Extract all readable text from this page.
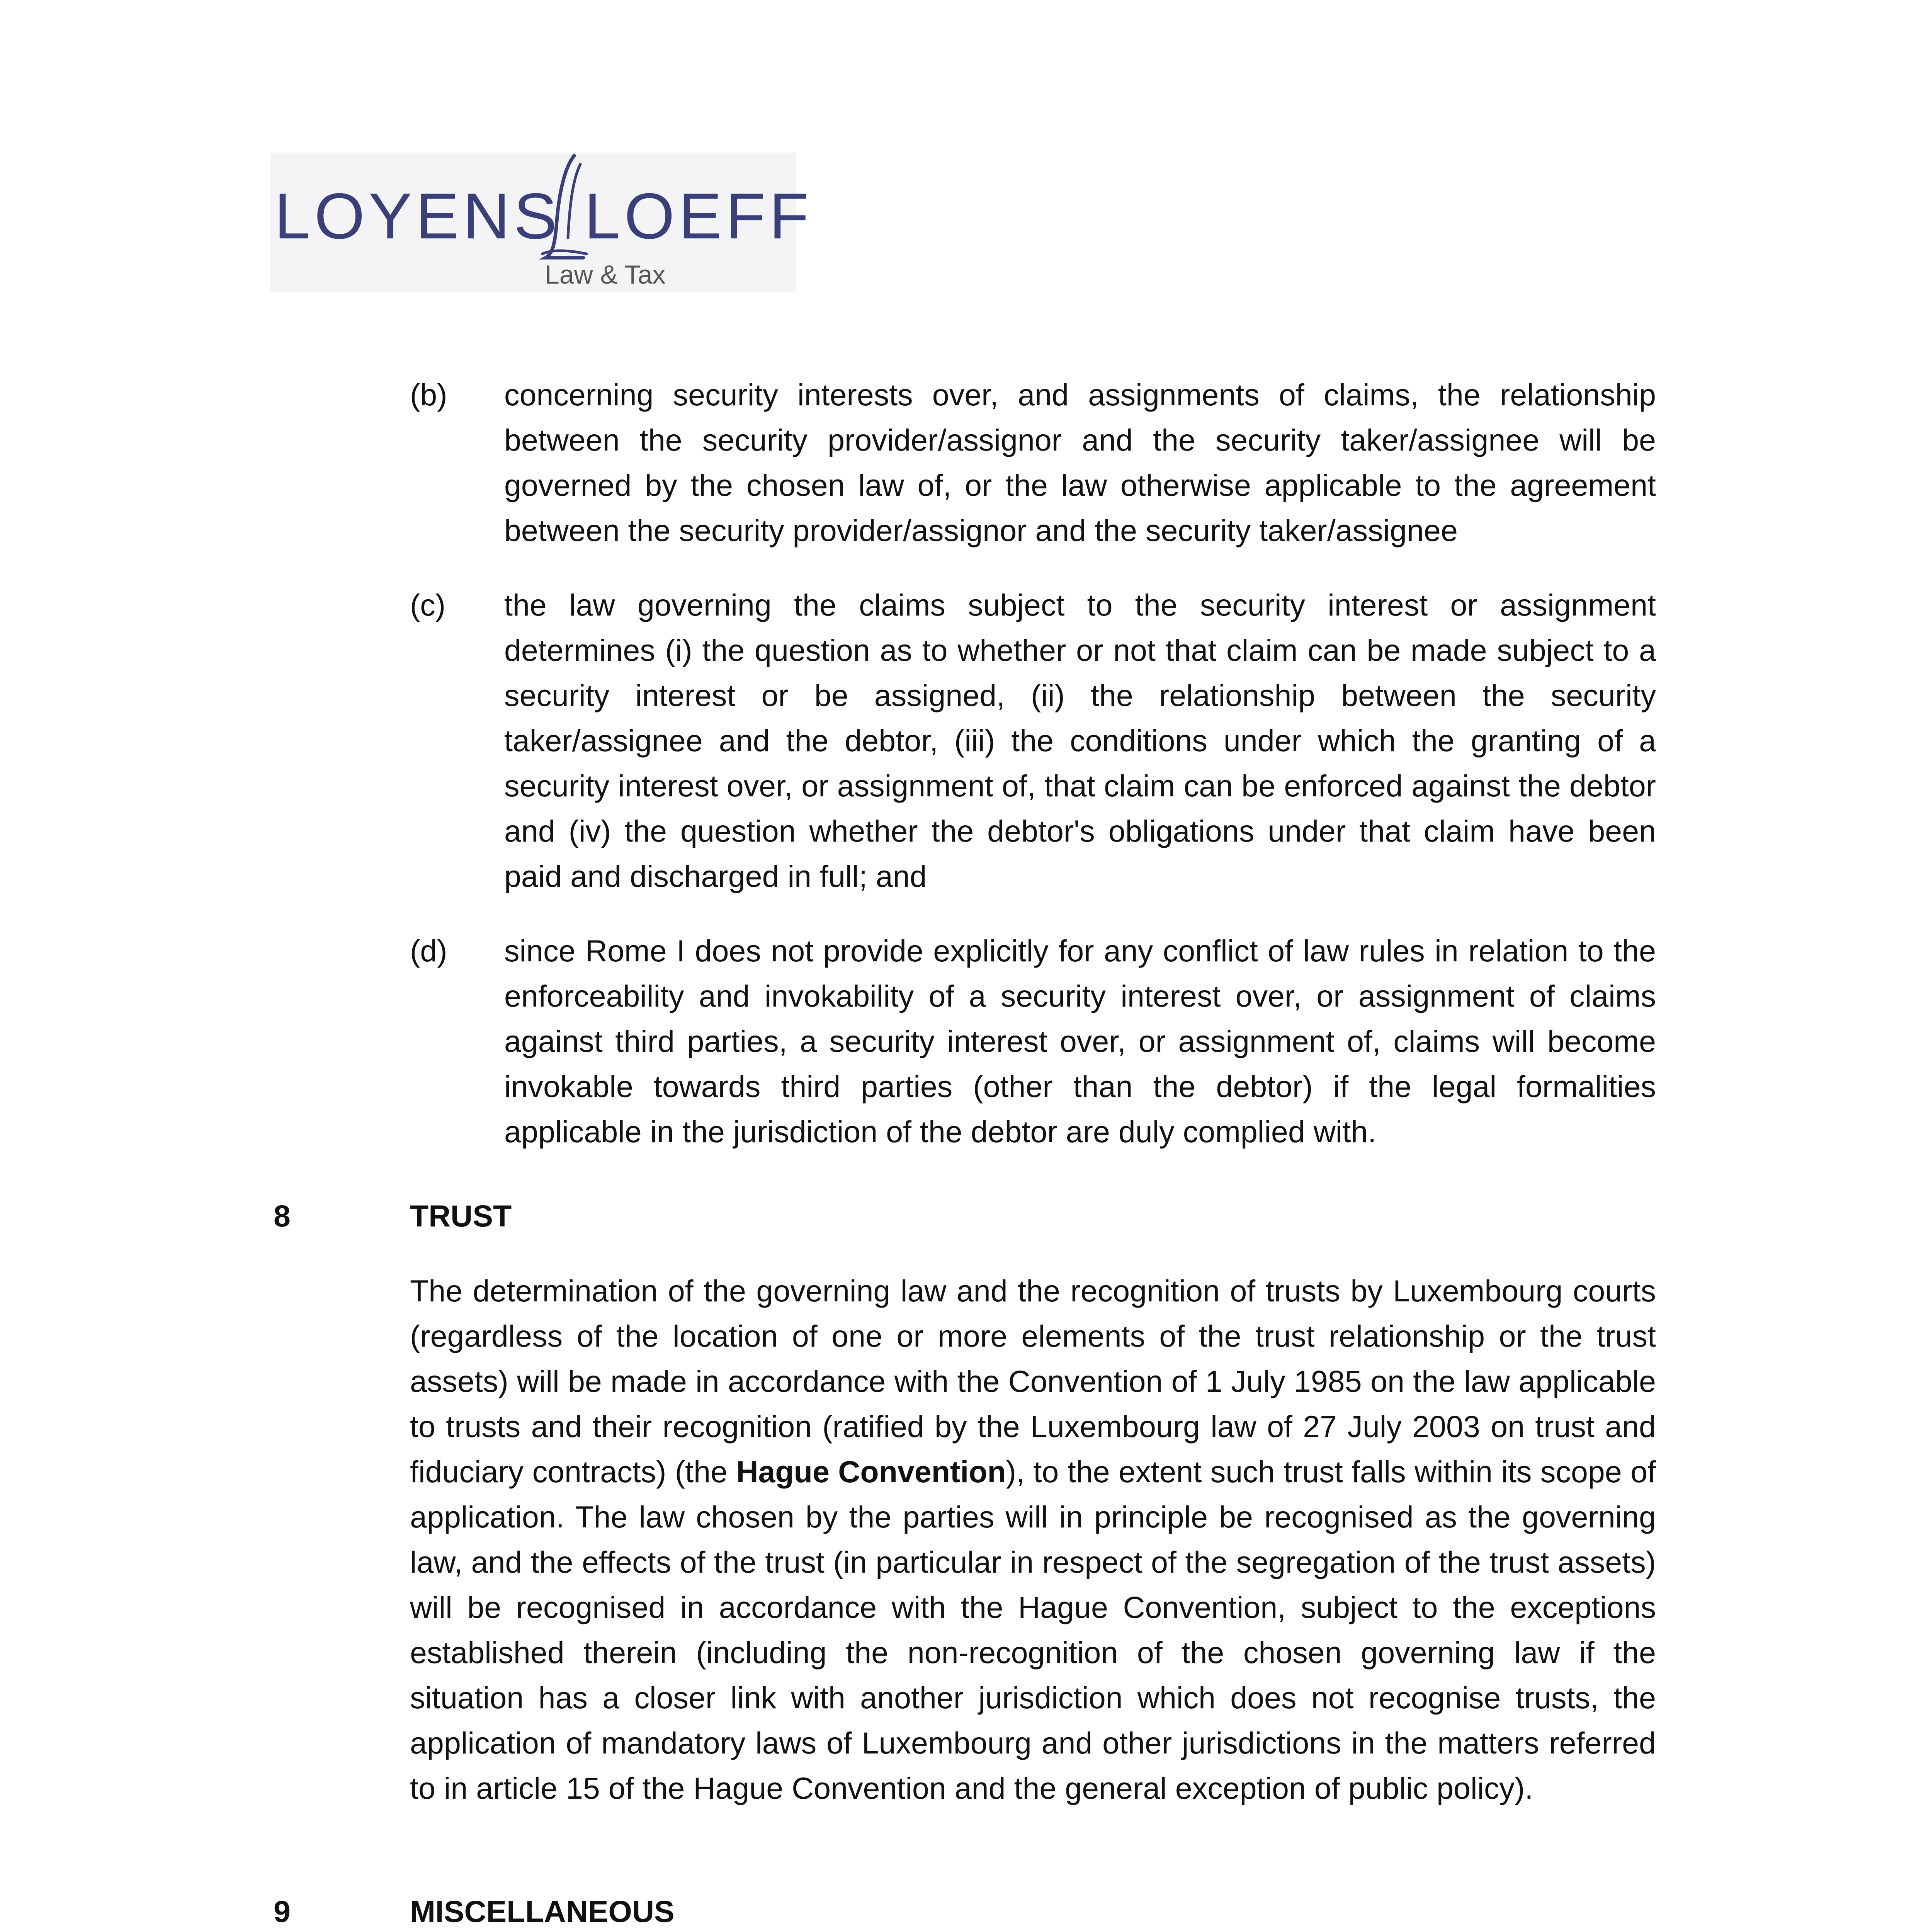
LOYENS LOEFF
Law & Tax
(b) concerning security interests over, and assignments of claims, the relationship between the security provider/assignor and the security taker/assignee will be governed by the chosen law of, or the law otherwise applicable to the agreement between the security provider/assignor and the security taker/assignee
(c) the law governing the claims subject to the security interest or assignment determines (i) the question as to whether or not that claim can be made subject to a security interest or be assigned, (ii) the relationship between the security taker/assignee and the debtor, (iii) the conditions under which the granting of a security interest over, or assignment of, that claim can be enforced against the debtor and (iv) the question whether the debtor's obligations under that claim have been paid and discharged in full; and
(d) since Rome I does not provide explicitly for any conflict of law rules in relation to the enforceability and invokability of a security interest over, or assignment of claims against third parties, a security interest over, or assignment of, claims will become invokable towards third parties (other than the debtor) if the legal formalities applicable in the jurisdiction of the debtor are duly complied with.
8	TRUST
The determination of the governing law and the recognition of trusts by Luxembourg courts (regardless of the location of one or more elements of the trust relationship or the trust assets) will be made in accordance with the Convention of 1 July 1985 on the law applicable to trusts and their recognition (ratified by the Luxembourg law of 27 July 2003 on trust and fiduciary contracts) (the Hague Convention), to the extent such trust falls within its scope of application. The law chosen by the parties will in principle be recognised as the governing law, and the effects of the trust (in particular in respect of the segregation of the trust assets) will be recognised in accordance with the Hague Convention, subject to the exceptions established therein (including the non-recognition of the chosen governing law if the situation has a closer link with another jurisdiction which does not recognise trusts, the application of mandatory laws of Luxembourg and other jurisdictions in the matters referred to in article 15 of the Hague Convention and the general exception of public policy).
9	MISCELLANEOUS
